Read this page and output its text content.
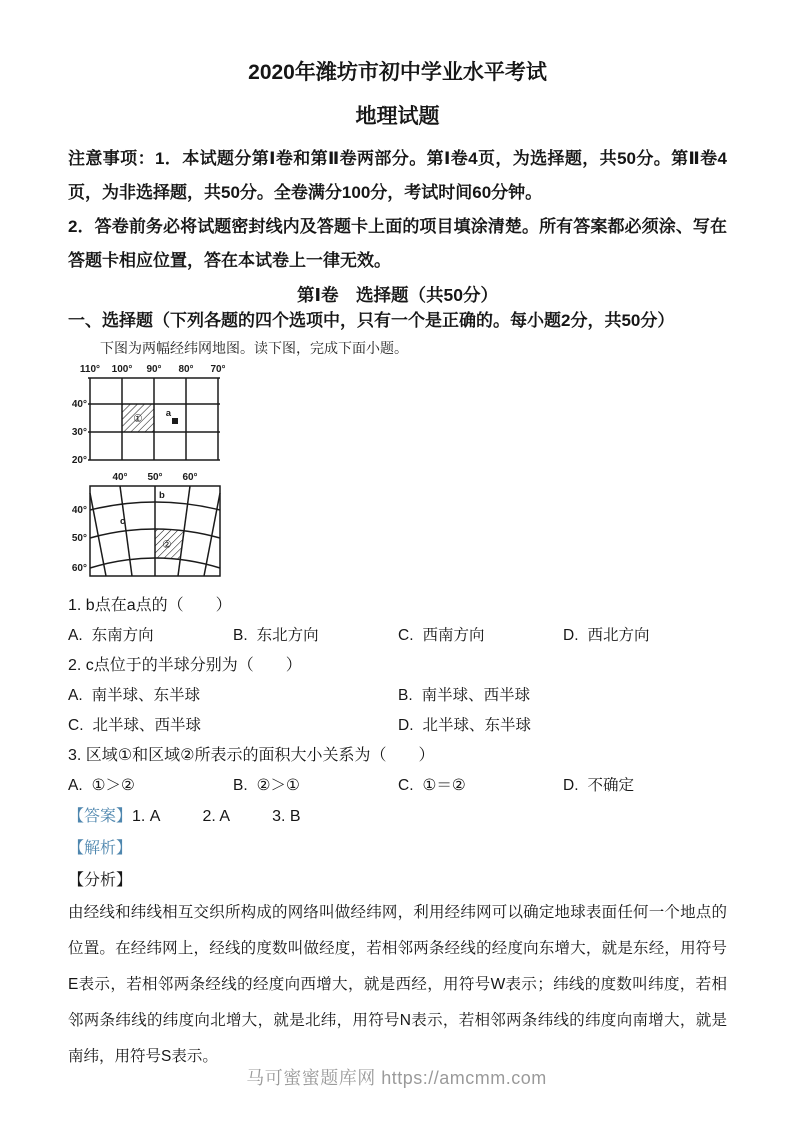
2020年潍坊市初中学业水平考试
地理试题

注意事项：1．本试题分第Ⅰ卷和第Ⅱ卷两部分。第Ⅰ卷4页，为选择题，共50分。第Ⅱ卷4页，为非选择题，共50分。全卷满分100分，考试时间60分钟。

2．答卷前务必将试题密封线内及答题卡上面的项目填涂清楚。所有答案都必须涂、写在答题卡相应位置，答在本试卷上一律无效。

第Ⅰ卷　选择题（共50分）
一、选择题（下列各题的四个选项中，只有一个是正确的。每小题2分，共50分）
下图为两幅经纬网地图。读下图，完成下面小题。
110° 100° 90° 80° 70°
40°
30°
20°
① a
40° 50° 60°
40°
50°
60°
b
c
②
1. b点在a点的（　　）
A. 东南方向	B. 东北方向	C. 西南方向	D. 西北方向
2. c点位于的半球分别为（　　）
A. 南半球、东半球	B. 南半球、西半球
C. 北半球、西半球	D. 北半球、东半球
3. 区域①和区域②所表示的面积大小关系为（　　）
A. ①＞②	B. ②＞①	C. ①＝②	D. 不确定
【答案】1. A	2. A	3. B
【解析】
【分析】
由经线和纬线相互交织所构成的网络叫做经纬网，利用经纬网可以确定地球表面任何一个地点的位置。在经纬网上，经线的度数叫做经度，若相邻两条经线的经度向东增大，就是东经，用符号E表示，若相邻两条经线的经度向西增大，就是西经，用符号W表示；纬线的度数叫纬度，若相邻两条纬线的纬度向北增大，就是北纬，用符号N表示，若相邻两条纬线的纬度向南增大，就是南纬，用符号S表示。
马可蜜蜜题库网 https://amcmm.com
